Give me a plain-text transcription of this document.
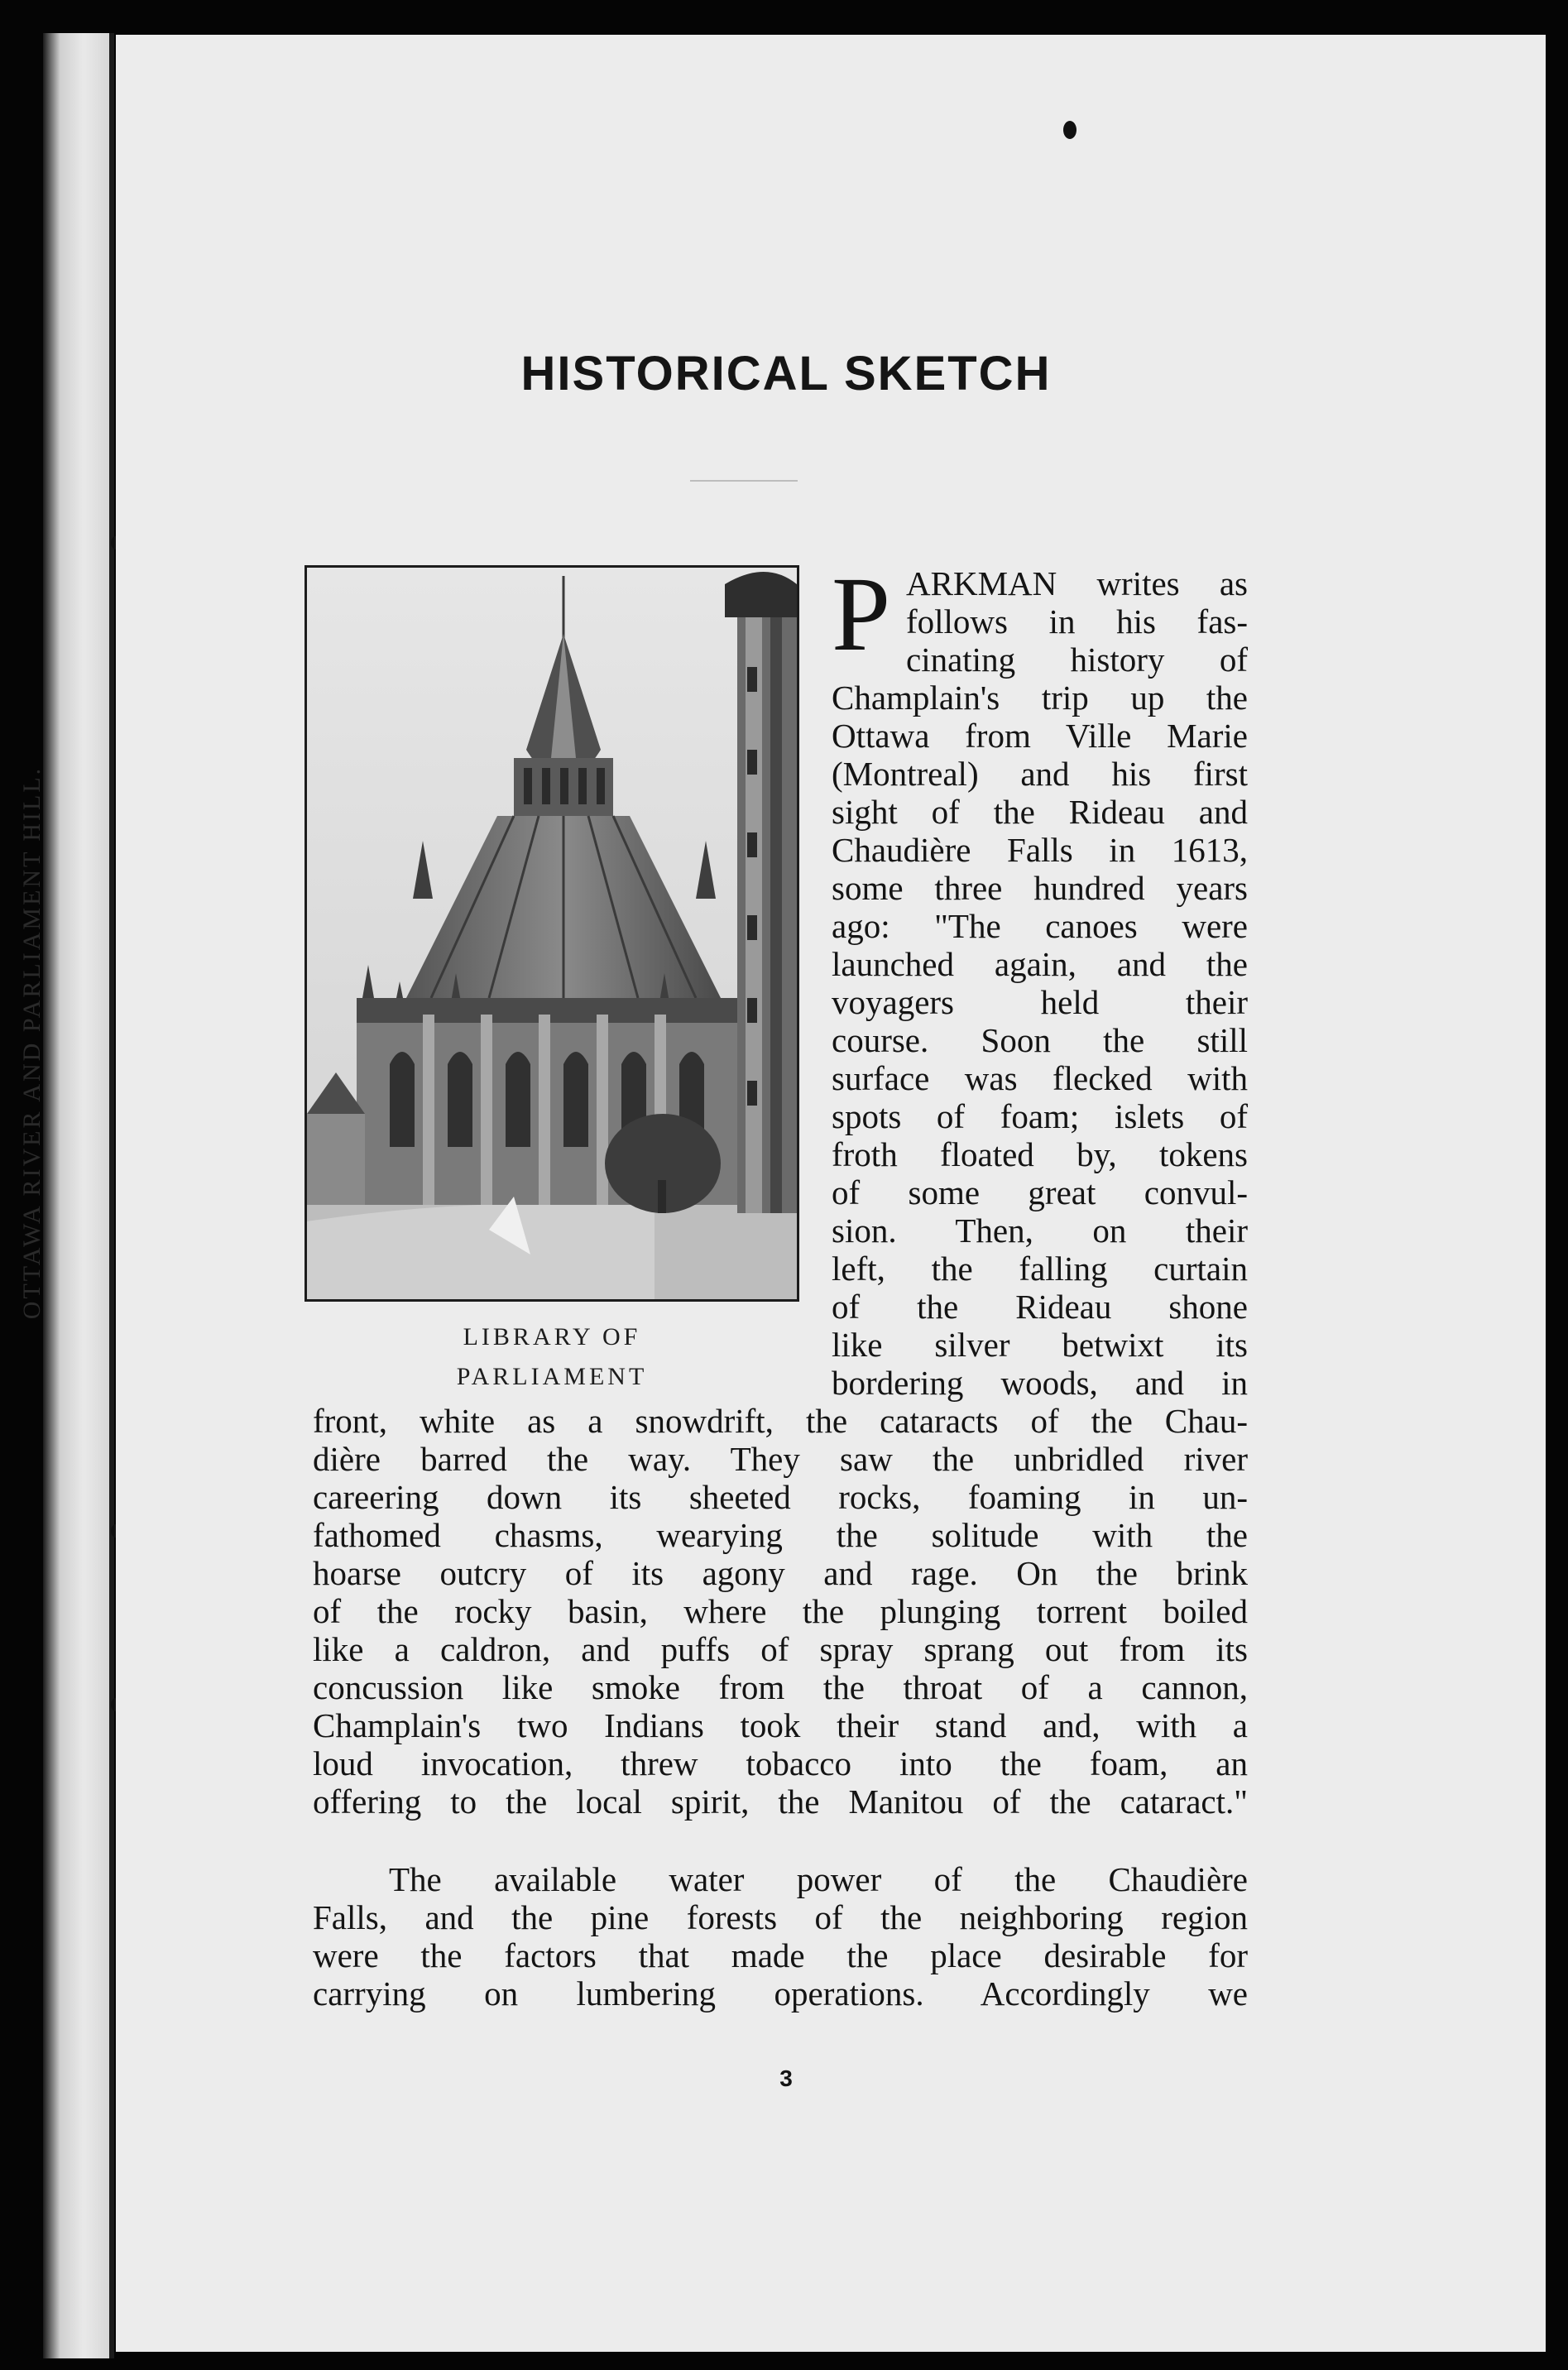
OTTAWA RIVER AND PARLIAMENT HILL.
HISTORICAL SKETCH
LIBRARY OF
PARLIAMENT
P ARKMAN writes as
follows in his fas-
cinating history of
Champlain's trip up the
Ottawa from Ville Marie
(Montreal) and his first
sight of the Rideau and
Chaudière Falls in 1613,
some three hundred years
ago: "The canoes were
launched again, and the
voyagers held their
course. Soon the still
surface was flecked with
spots of foam; islets of
froth floated by, tokens
of some great convul-
sion. Then, on their
left, the falling curtain
of the Rideau shone
like silver betwixt its
bordering woods, and in
front, white as a snowdrift, the cataracts of the Chau-
dière barred the way. They saw the unbridled river
careering down its sheeted rocks, foaming in un-
fathomed chasms, wearying the solitude with the
hoarse outcry of its agony and rage. On the brink
of the rocky basin, where the plunging torrent boiled
like a caldron, and puffs of spray sprang out from its
concussion like smoke from the throat of a cannon,
Champlain's two Indians took their stand and, with a
loud invocation, threw tobacco into the foam, an
offering to the local spirit, the Manitou of the cataract."
The available water power of the Chaudière
Falls, and the pine forests of the neighboring region
were the factors that made the place desirable for
carrying on lumbering operations. Accordingly we
3
